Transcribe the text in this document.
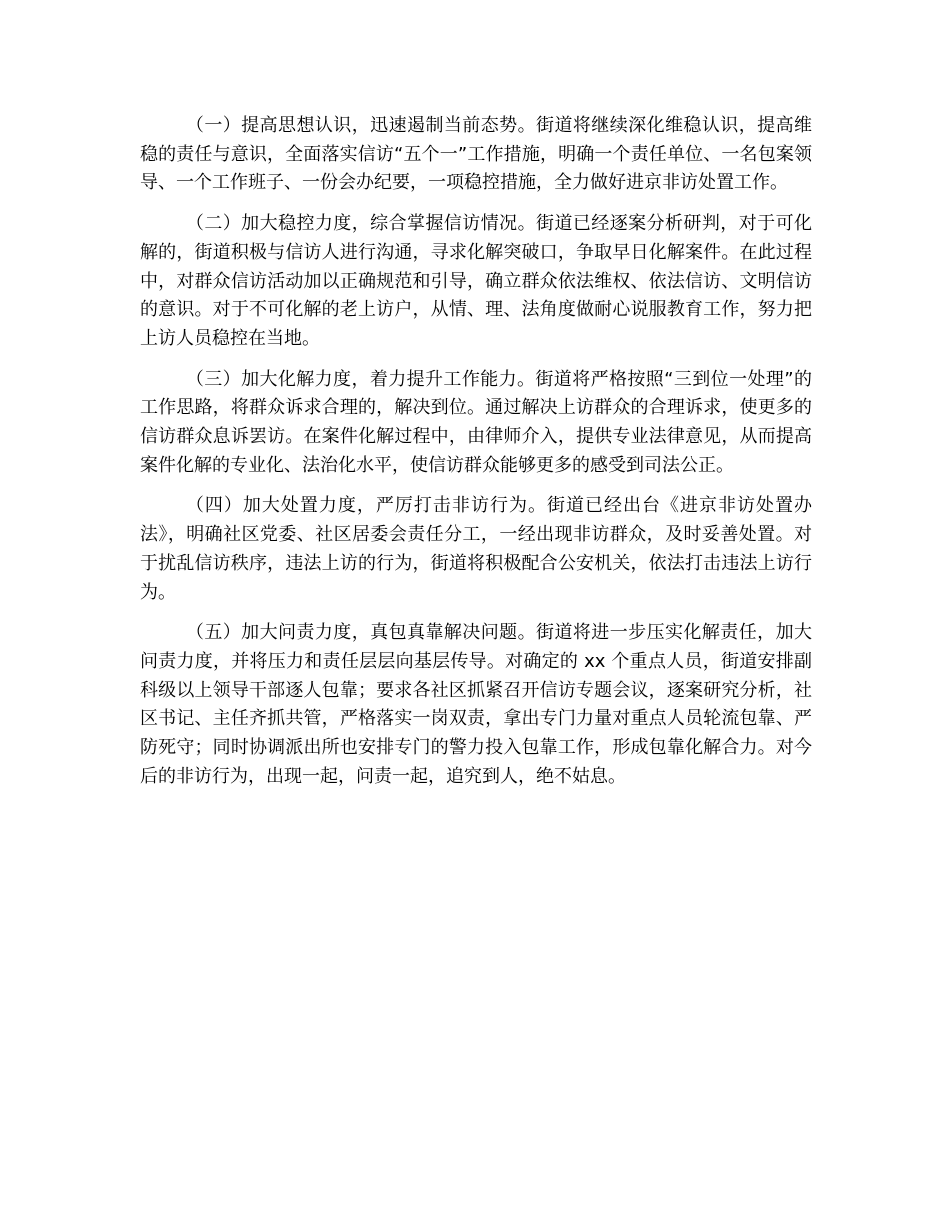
（一）提高思想认识，迅速遏制当前态势。街道将继续深化维稳认识，提高维稳的责任与意识，全面落实信访“五个一”工作措施，明确一个责任单位、一名包案领导、一个工作班子、一份会办纪要，一项稳控措施，全力做好进京非访处置工作。

（二）加大稳控力度，综合掌握信访情况。街道已经逐案分析研判，对于可化解的，街道积极与信访人进行沟通，寻求化解突破口，争取早日化解案件。在此过程中，对群众信访活动加以正确规范和引导，确立群众依法维权、依法信访、文明信访的意识。对于不可化解的老上访户，从情、理、法角度做耐心说服教育工作，努力把上访人员稳控在当地。

（三）加大化解力度，着力提升工作能力。街道将严格按照“三到位一处理”的工作思路，将群众诉求合理的，解决到位。通过解决上访群众的合理诉求，使更多的信访群众息诉罢访。在案件化解过程中，由律师介入，提供专业法律意见，从而提高案件化解的专业化、法治化水平，使信访群众能够更多的感受到司法公正。

（四）加大处置力度，严厉打击非访行为。街道已经出台《进京非访处置办法》，明确社区党委、社区居委会责任分工，一经出现非访群众，及时妥善处置。对于扰乱信访秩序，违法上访的行为，街道将积极配合公安机关，依法打击违法上访行为。

（五）加大问责力度，真包真靠解决问题。街道将进一步压实化解责任，加大问责力度，并将压力和责任层层向基层传导。对确定的 xx 个重点人员，街道安排副科级以上领导干部逐人包靠；要求各社区抓紧召开信访专题会议，逐案研究分析，社区书记、主任齐抓共管，严格落实一岗双责，拿出专门力量对重点人员轮流包靠、严防死守；同时协调派出所也安排专门的警力投入包靠工作，形成包靠化解合力。对今后的非访行为，出现一起，问责一起，追究到人，绝不姑息。
